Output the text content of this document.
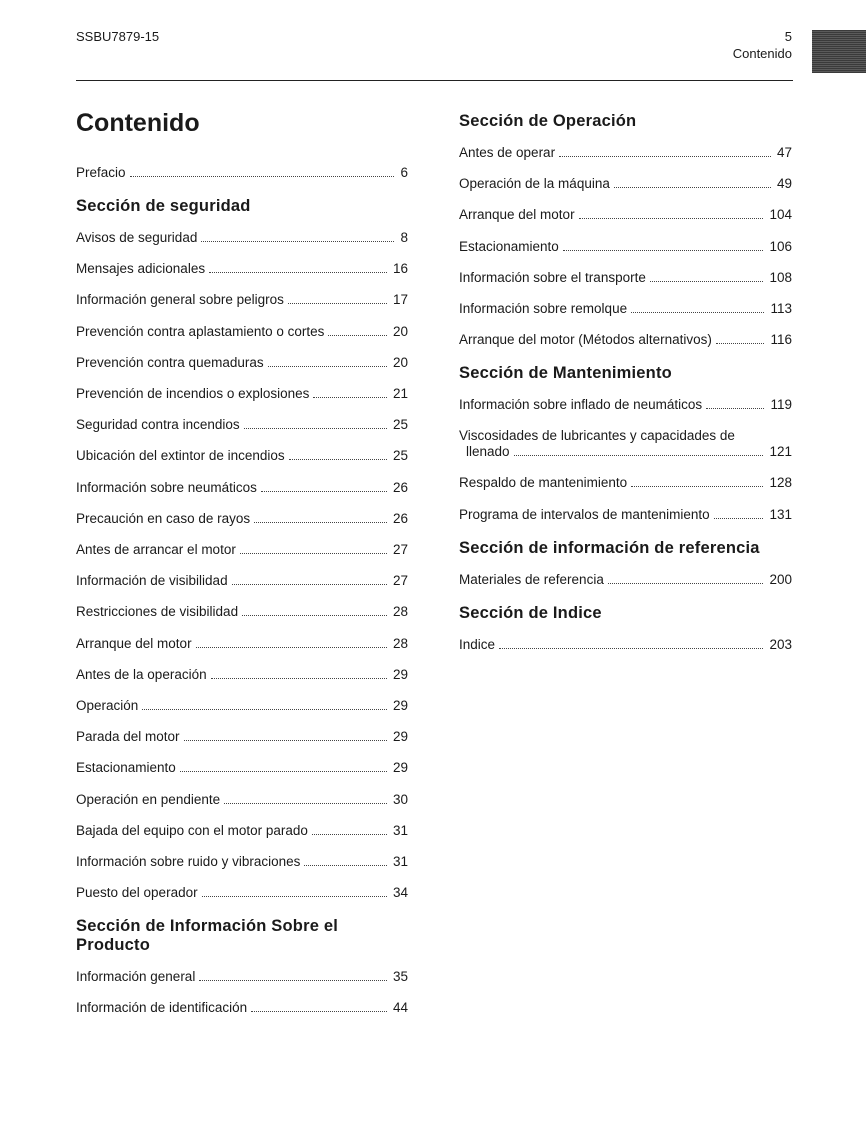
SSBU7879-15	5
Contenido
Contenido
Prefacio	6
Sección de seguridad
Avisos de seguridad	8
Mensajes adicionales	16
Información general sobre peligros	17
Prevención contra aplastamiento o cortes	20
Prevención contra quemaduras	20
Prevención de incendios o explosiones	21
Seguridad contra incendios	25
Ubicación del extintor de incendios	25
Información sobre neumáticos	26
Precaución en caso de rayos	26
Antes de arrancar el motor	27
Información de visibilidad	27
Restricciones de visibilidad	28
Arranque del motor	28
Antes de la operación	29
Operación	29
Parada del motor	29
Estacionamiento	29
Operación en pendiente	30
Bajada del equipo con el motor parado	31
Información sobre ruido y vibraciones	31
Puesto del operador	34
Sección de Información Sobre el
Producto
Información general	35
Información de identificación	44
Sección de Operación
Antes de operar	47
Operación de la máquina	49
Arranque del motor	104
Estacionamiento	106
Información sobre el transporte	108
Información sobre remolque	113
Arranque del motor (Métodos alternativos)	116
Sección de Mantenimiento
Información sobre inflado de neumáticos	119
Viscosidades de lubricantes y capacidades de
llenado	121
Respaldo de mantenimiento	128
Programa de intervalos de mantenimiento	131
Sección de información de referencia
Materiales de referencia	200
Sección de Indice
Indice	203
